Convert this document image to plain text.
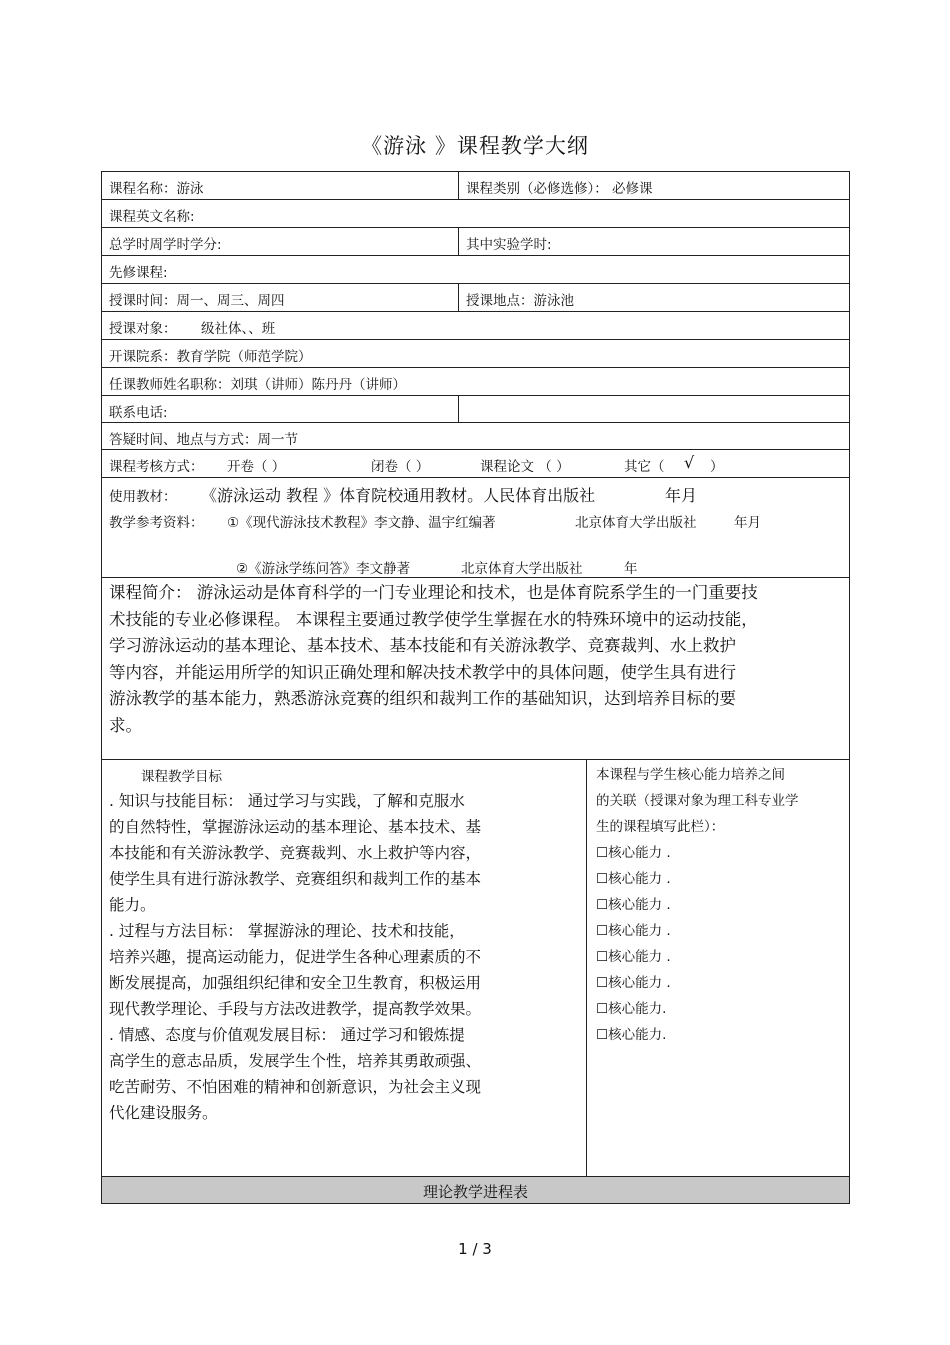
《游泳 》课程教学大纲
课程名称：游泳	课程类别（必修选修）： 必修课
课程英文名称:
总学时周学时学分:	其中实验学时:
先修课程:
授课时间：周一、周三、周四	授课地点：游泳池
授课对象：	级社体、、班
开课院系：教育学院（师范学院）
任课教师姓名职称：刘琪（讲师）陈丹丹（讲师）
联系电话:
答疑时间、地点与方式：周一节
课程考核方式：	开卷（ ）	闭卷（ ）	课程论文 （ ）	其它（	√	）
使用教材：	《游泳运动 教程 》体育院校通用教材。人民体育出版社	年月
教学参考资料：	①《现代游泳技术教程》李文静、温宇红编著	北京体育大学出版社	年月
②《游泳学练问答》李文静著	北京体育大学出版社	年
课程简介： 游泳运动是体育科学的一门专业理论和技术，也是体育院系学生的一门重要技
术技能的专业必修课程。 本课程主要通过教学使学生掌握在水的特殊环境中的运动技能，
学习游泳运动的基本理论、基本技术、基本技能和有关游泳教学、竞赛裁判、水上救护
等内容，并能运用所学的知识正确处理和解决技术教学中的具体问题，使学生具有进行
游泳教学的基本能力，熟悉游泳竞赛的组织和裁判工作的基础知识，达到培养目标的要
求。
课程教学目标
. 知识与技能目标： 通过学习与实践，了解和克服水
的自然特性，掌握游泳运动的基本理论、基本技术、基
本技能和有关游泳教学、竞赛裁判、水上救护等内容，
使学生具有进行游泳教学、竞赛组织和裁判工作的基本
能力。
. 过程与方法目标： 掌握游泳的理论、技术和技能，
培养兴趣，提高运动能力，促进学生各种心理素质的不
断发展提高，加强组织纪律和安全卫生教育，积极运用
现代教学理论、手段与方法改进教学，提高教学效果。
. 情感、态度与价值观发展目标： 通过学习和锻炼提
高学生的意志品质，发展学生个性，培养其勇敢顽强、
吃苦耐劳、不怕困难的精神和创新意识，为社会主义现
代化建设服务。
本课程与学生核心能力培养之间
的关联（授课对象为理工科专业学
生的课程填写此栏）：
☐核心能力 .
☐核心能力 .
☐核心能力 .
☐核心能力 .
☐核心能力 .
☐核心能力 .
☐核心能力.
☐核心能力.
理论教学进程表
1 / 3
